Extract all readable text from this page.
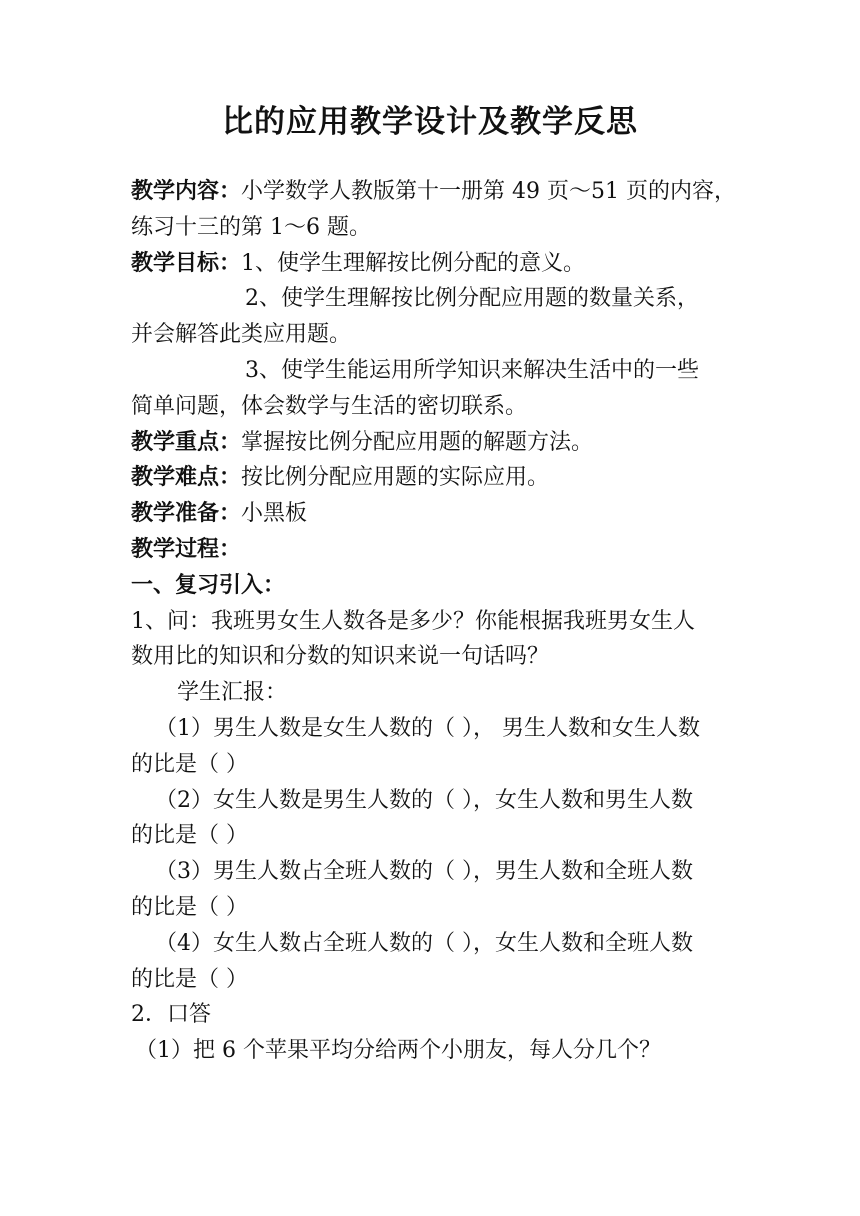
比的应用教学设计及教学反思
教学内容：小学数学人教版第十一册第 49 页～51 页的内容，
练习十三的第 1～6 题。
教学目标：1、使学生理解按比例分配的意义。
2、使学生理解按比例分配应用题的数量关系，
并会解答此类应用题。
3、使学生能运用所学知识来解决生活中的一些
简单问题，体会数学与生活的密切联系。
教学重点：掌握按比例分配应用题的解题方法。
教学难点：按比例分配应用题的实际应用。
教学准备：小黑板
教学过程：
一、复习引入：
1、问：我班男女生人数各是多少？你能根据我班男女生人
数用比的知识和分数的知识来说一句话吗？
学生汇报：
（1）男生人数是女生人数的（ ）， 男生人数和女生人数
的比是（ ）
（2）女生人数是男生人数的（ ），女生人数和男生人数
的比是（ ）
（3）男生人数占全班人数的（ ），男生人数和全班人数
的比是（ ）
（4）女生人数占全班人数的（ ），女生人数和全班人数
的比是（ ）
2．口答
（1）把 6 个苹果平均分给两个小朋友，每人分几个？
